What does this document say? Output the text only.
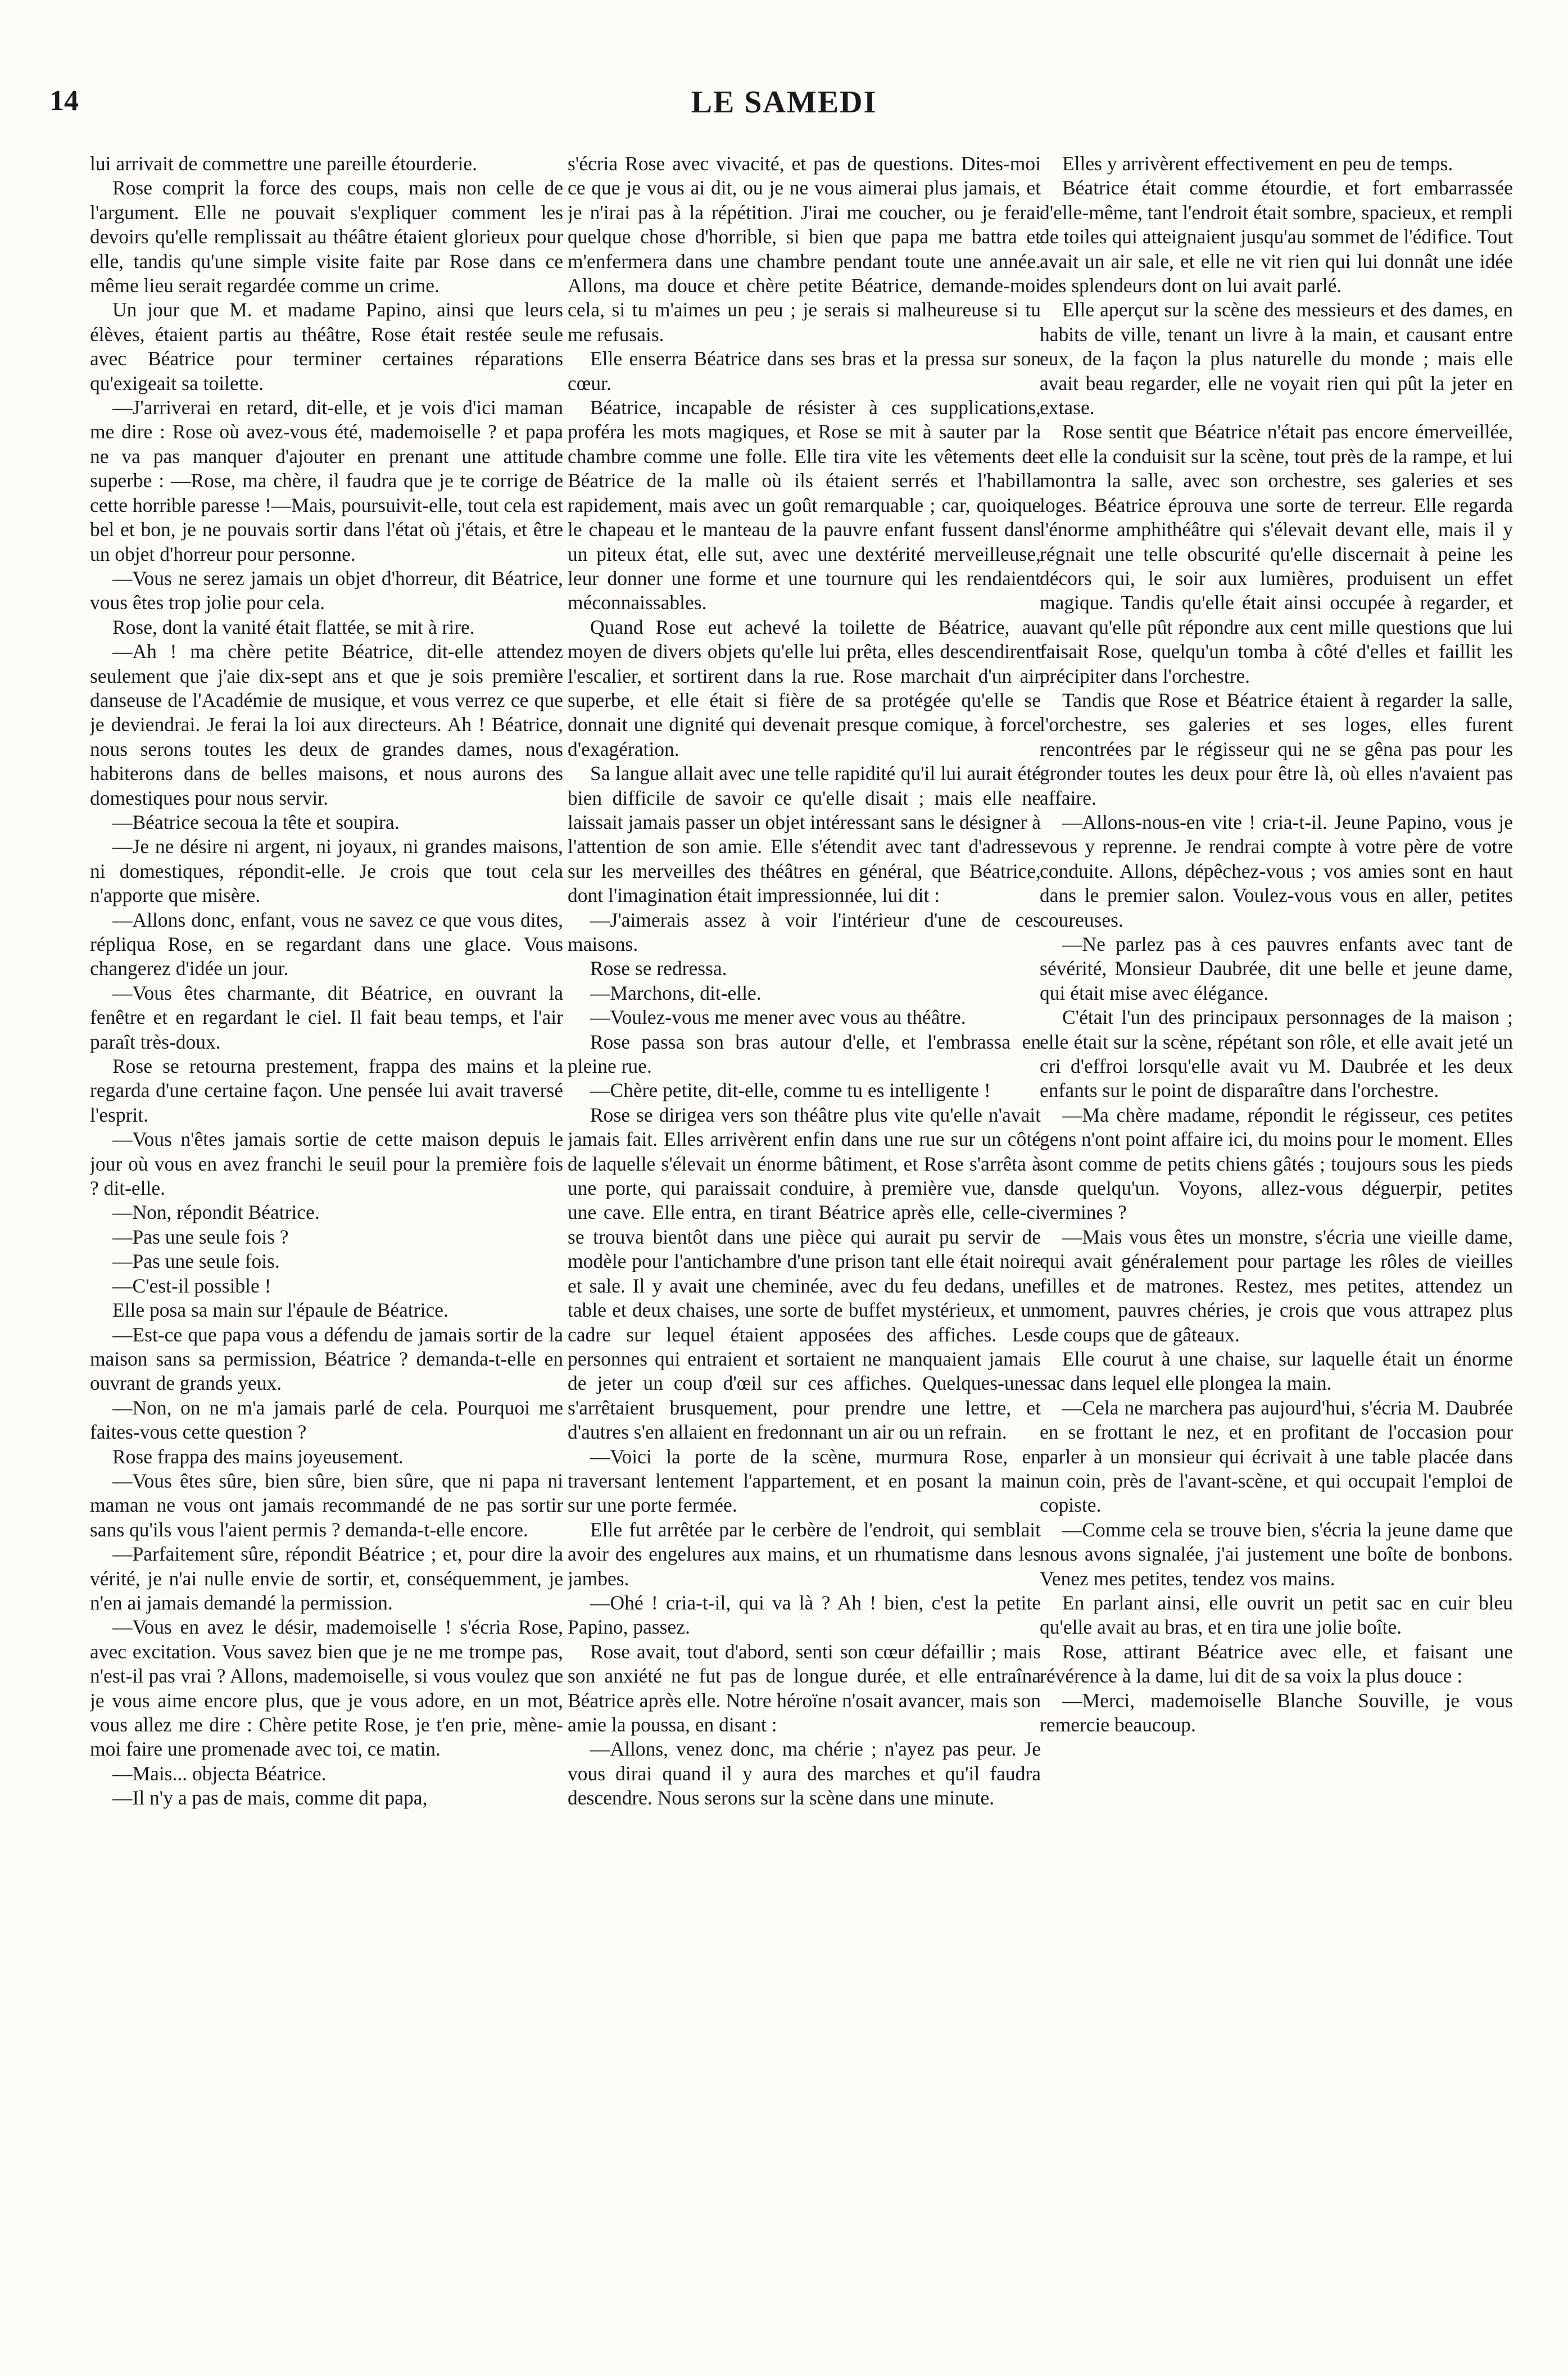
14	LE SAMEDI

lui arrivait de commettre une pareille étourderie.

Rose comprit la force des coups, mais non celle de l'argument. Elle ne pouvait s'expliquer comment les devoirs qu'elle remplissait au théâtre étaient glorieux pour elle, tandis qu'une simple visite faite par Rose dans ce même lieu serait regardée comme un crime.

Un jour que M. et madame Papino, ainsi que leurs élèves, étaient partis au théâtre, Rose était restée seule avec Béatrice pour terminer certaines réparations qu'exigeait sa toilette.

—J'arriverai en retard, dit-elle, et je vois d'ici maman me dire : Rose où avez-vous été, mademoiselle ? et papa ne va pas manquer d'ajouter en prenant une attitude superbe : —Rose, ma chère, il faudra que je te corrige de cette horrible paresse !—Mais, poursuivit-elle, tout cela est bel et bon, je ne pouvais sortir dans l'état où j'étais, et être un objet d'horreur pour personne.

—Vous ne serez jamais un objet d'horreur, dit Béatrice, vous êtes trop jolie pour cela.

Rose, dont la vanité était flattée, se mit à rire.

—Ah ! ma chère petite Béatrice, dit-elle attendez seulement que j'aie dix-sept ans et que je sois première danseuse de l'Académie de musique, et vous verrez ce que je deviendrai. Je ferai la loi aux directeurs. Ah ! Béatrice, nous serons toutes les deux de grandes dames, nous habiterons dans de belles maisons, et nous aurons des domestiques pour nous servir.

—Béatrice secoua la tête et soupira.

—Je ne désire ni argent, ni joyaux, ni grandes maisons, ni domestiques, répondit-elle. Je crois que tout cela n'apporte que misère.

—Allons donc, enfant, vous ne savez ce que vous dites, répliqua Rose, en se regardant dans une glace. Vous changerez d'idée un jour.

—Vous êtes charmante, dit Béatrice, en ouvrant la fenêtre et en regardant le ciel. Il fait beau temps, et l'air paraît très-doux.

Rose se retourna prestement, frappa des mains et la regarda d'une certaine façon. Une pensée lui avait traversé l'esprit.

—Vous n'êtes jamais sortie de cette maison depuis le jour où vous en avez franchi le seuil pour la première fois ? dit-elle.

—Non, répondit Béatrice.

—Pas une seule fois ?

—Pas une seule fois.

—C'est-il possible !

Elle posa sa main sur l'épaule de Béatrice.

—Est-ce que papa vous a défendu de jamais sortir de la maison sans sa permission, Béatrice ? demanda-t-elle en ouvrant de grands yeux.

—Non, on ne m'a jamais parlé de cela. Pourquoi me faites-vous cette question ?

Rose frappa des mains joyeusement.

—Vous êtes sûre, bien sûre, bien sûre, que ni papa ni maman ne vous ont jamais recommandé de ne pas sortir sans qu'ils vous l'aient permis ? demanda-t-elle encore.

—Parfaitement sûre, répondit Béatrice ; et, pour dire la vérité, je n'ai nulle envie de sortir, et, conséquemment, je n'en ai jamais demandé la permission.

—Vous en avez le désir, mademoiselle ! s'écria Rose, avec excitation. Vous savez bien que je ne me trompe pas, n'est-il pas vrai ? Allons, mademoiselle, si vous voulez que je vous aime encore plus, que je vous adore, en un mot, vous allez me dire : Chère petite Rose, je t'en prie, mène-moi faire une promenade avec toi, ce matin.

—Mais... objecta Béatrice.

—Il n'y a pas de mais, comme dit papa,

s'écria Rose avec vivacité, et pas de questions. Dites-moi ce que je vous ai dit, ou je ne vous aimerai plus jamais, et je n'irai pas à la répétition. J'irai me coucher, ou je ferai quelque chose d'horrible, si bien que papa me battra et m'enfermera dans une chambre pendant toute une année. Allons, ma douce et chère petite Béatrice, demande-moi cela, si tu m'aimes un peu ; je serais si malheureuse si tu me refusais.

Elle enserra Béatrice dans ses bras et la pressa sur son cœur.

Béatrice, incapable de résister à ces supplications, proféra les mots magiques, et Rose se mit à sauter par la chambre comme une folle. Elle tira vite les vêtements de Béatrice de la malle où ils étaient serrés et l'habilla rapidement, mais avec un goût remarquable ; car, quoique le chapeau et le manteau de la pauvre enfant fussent dans un piteux état, elle sut, avec une dextérité merveilleuse, leur donner une forme et une tournure qui les rendaient méconnaissables.

Quand Rose eut achevé la toilette de Béatrice, au moyen de divers objets qu'elle lui prêta, elles descendirent l'escalier, et sortirent dans la rue. Rose marchait d'un air superbe, et elle était si fière de sa protégée qu'elle se donnait une dignité qui devenait presque comique, à force d'exagération.

Sa langue allait avec une telle rapidité qu'il lui aurait été bien difficile de savoir ce qu'elle disait ; mais elle ne laissait jamais passer un objet intéressant sans le désigner à l'attention de son amie. Elle s'étendit avec tant d'adresse sur les merveilles des théâtres en général, que Béatrice, dont l'imagination était impressionnée, lui dit :

—J'aimerais assez à voir l'intérieur d'une de ces maisons.

Rose se redressa.

—Marchons, dit-elle.

—Voulez-vous me mener avec vous au théâtre.

Rose passa son bras autour d'elle, et l'embrassa en pleine rue.

—Chère petite, dit-elle, comme tu es intelligente !

Rose se dirigea vers son théâtre plus vite qu'elle n'avait jamais fait. Elles arrivèrent enfin dans une rue sur un côté de laquelle s'élevait un énorme bâtiment, et Rose s'arrêta à une porte, qui paraissait conduire, à première vue, dans une cave. Elle entra, en tirant Béatrice après elle, celle-ci se trouva bientôt dans une pièce qui aurait pu servir de modèle pour l'antichambre d'une prison tant elle était noire et sale. Il y avait une cheminée, avec du feu dedans, une table et deux chaises, une sorte de buffet mystérieux, et un cadre sur lequel étaient apposées des affiches. Les personnes qui entraient et sortaient ne manquaient jamais de jeter un coup d'œil sur ces affiches. Quelques-unes s'arrêtaient brusquement, pour prendre une lettre, et d'autres s'en allaient en fredonnant un air ou un refrain.

—Voici la porte de la scène, murmura Rose, en traversant lentement l'appartement, et en posant la main sur une porte fermée.

Elle fut arrêtée par le cerbère de l'endroit, qui semblait avoir des engelures aux mains, et un rhumatisme dans les jambes.

—Ohé ! cria-t-il, qui va là ? Ah ! bien, c'est la petite Papino, passez.

Rose avait, tout d'abord, senti son cœur défaillir ; mais son anxiété ne fut pas de longue durée, et elle entraîna Béatrice après elle. Notre héroïne n'osait avancer, mais son amie la poussa, en disant :

—Allons, venez donc, ma chérie ; n'ayez pas peur. Je vous dirai quand il y aura des marches et qu'il faudra descendre. Nous serons sur la scène dans une minute.

Elles y arrivèrent effectivement en peu de temps.

Béatrice était comme étourdie, et fort embarrassée d'elle-même, tant l'endroit était sombre, spacieux, et rempli de toiles qui atteignaient jusqu'au sommet de l'édifice. Tout avait un air sale, et elle ne vit rien qui lui donnât une idée des splendeurs dont on lui avait parlé.

Elle aperçut sur la scène des messieurs et des dames, en habits de ville, tenant un livre à la main, et causant entre eux, de la façon la plus naturelle du monde ; mais elle avait beau regarder, elle ne voyait rien qui pût la jeter en extase.

Rose sentit que Béatrice n'était pas encore émerveillée, et elle la conduisit sur la scène, tout près de la rampe, et lui montra la salle, avec son orchestre, ses galeries et ses loges. Béatrice éprouva une sorte de terreur. Elle regarda l'énorme amphithéâtre qui s'élevait devant elle, mais il y régnait une telle obscurité qu'elle discernait à peine les décors qui, le soir aux lumières, produisent un effet magique. Tandis qu'elle était ainsi occupée à regarder, et avant qu'elle pût répondre aux cent mille questions que lui faisait Rose, quelqu'un tomba à côté d'elles et faillit les précipiter dans l'orchestre.

Tandis que Rose et Béatrice étaient à regarder la salle, l'orchestre, ses galeries et ses loges, elles furent rencontrées par le régisseur qui ne se gêna pas pour les gronder toutes les deux pour être là, où elles n'avaient pas affaire.

—Allons-nous-en vite ! cria-t-il. Jeune Papino, vous je vous y reprenne. Je rendrai compte à votre père de votre conduite. Allons, dépêchez-vous ; vos amies sont en haut dans le premier salon. Voulez-vous vous en aller, petites coureuses.

—Ne parlez pas à ces pauvres enfants avec tant de sévérité, Monsieur Daubrée, dit une belle et jeune dame, qui était mise avec élégance.

C'était l'un des principaux personnages de la maison ; elle était sur la scène, répétant son rôle, et elle avait jeté un cri d'effroi lorsqu'elle avait vu M. Daubrée et les deux enfants sur le point de disparaître dans l'orchestre.

—Ma chère madame, répondit le régisseur, ces petites gens n'ont point affaire ici, du moins pour le moment. Elles sont comme de petits chiens gâtés ; toujours sous les pieds de quelqu'un. Voyons, allez-vous déguerpir, petites vermines ?

—Mais vous êtes un monstre, s'écria une vieille dame, qui avait généralement pour partage les rôles de vieilles filles et de matrones. Restez, mes petites, attendez un moment, pauvres chéries, je crois que vous attrapez plus de coups que de gâteaux.

Elle courut à une chaise, sur laquelle était un énorme sac dans lequel elle plongea la main.

—Cela ne marchera pas aujourd'hui, s'écria M. Daubrée en se frottant le nez, et en profitant de l'occasion pour parler à un monsieur qui écrivait à une table placée dans un coin, près de l'avant-scène, et qui occupait l'emploi de copiste.

—Comme cela se trouve bien, s'écria la jeune dame que nous avons signalée, j'ai justement une boîte de bonbons. Venez mes petites, tendez vos mains.

En parlant ainsi, elle ouvrit un petit sac en cuir bleu qu'elle avait au bras, et en tira une jolie boîte.

Rose, attirant Béatrice avec elle, et faisant une révérence à la dame, lui dit de sa voix la plus douce :

—Merci, mademoiselle Blanche Souville, je vous remercie beaucoup.
